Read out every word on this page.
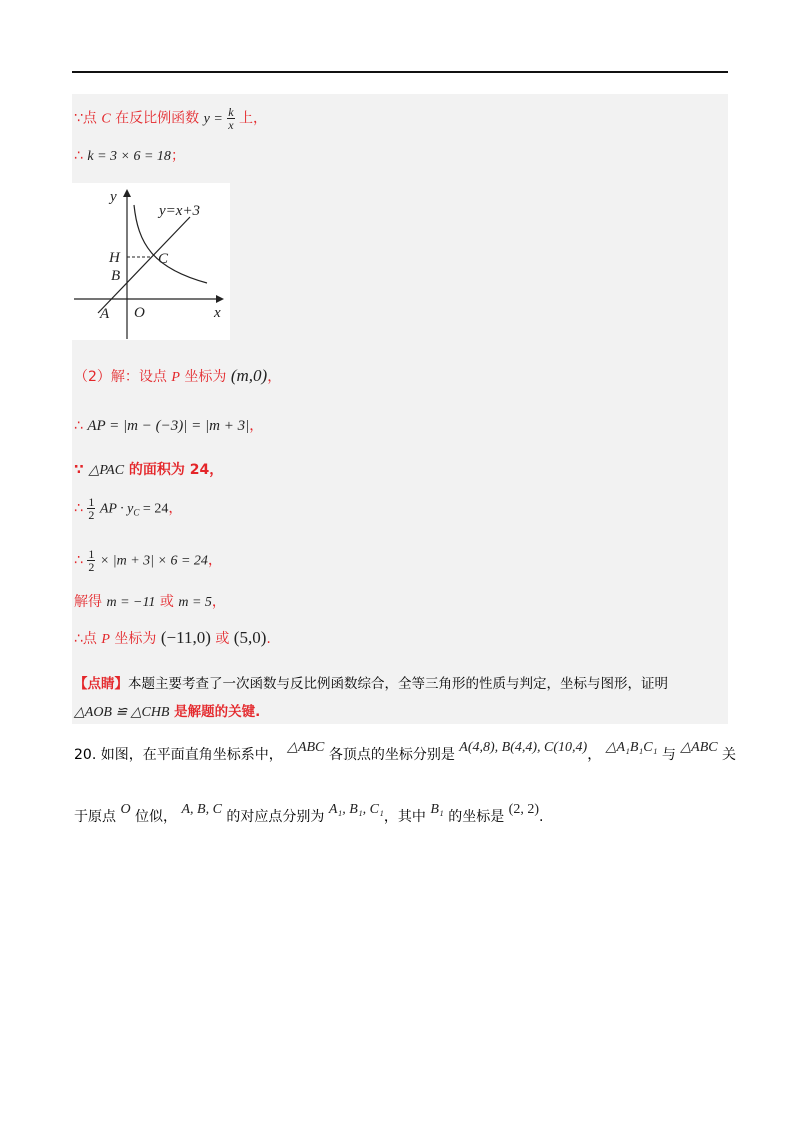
∵点 C 在反比例函数 $y = \frac{k}{x}$ 上，
∴ k = 3 × 6 = 18；
y
x
y=x+3
H
B
C
A O
（2）解：设点 P 坐标为 (m,0)，
∴ AP = |m − (−3)| = |m + 3|，
∵ △PAC 的面积为 24，
∴ $\frac{1}{2}$ AP · $y_C = 24$，
∴ $\frac{1}{2} \times |m + 3| \times 6 = 24$，
解得 m = −11 或 m = 5，
∴点 P 坐标为 (−11,0) 或 (5,0).
【点睛】本题主要考查了一次函数与反比例函数综合，全等三角形的性质与判定，坐标与图形，证明
△AOB ≌ △CHB 是解题的关键.
20. 如图，在平面直角坐标系中， △ABC 各顶点的坐标分别是 A(4,8), B(4,4), C(10,4)， △A₁B₁C₁ 与 △ABC 关
于原点 O 位似， A, B, C 的对应点分别为 A₁, B₁, C₁，其中 B₁ 的坐标是 (2, 2).
